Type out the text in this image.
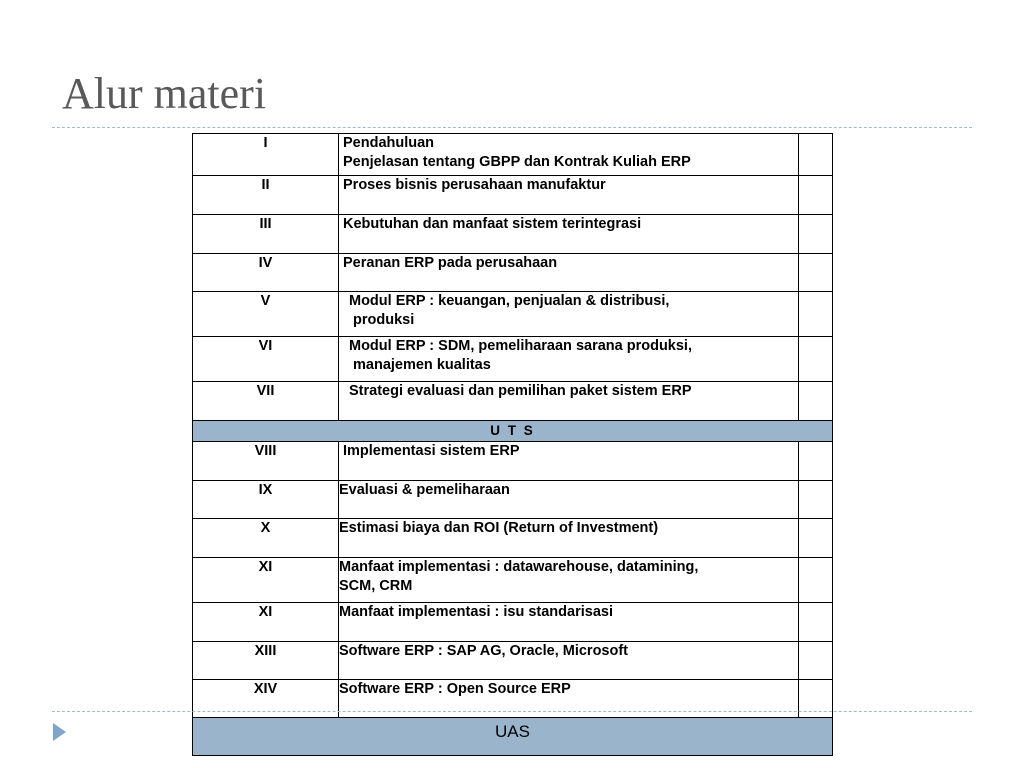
Alur materi
I	Pendahuluan
Penjelasan tentang GBPP dan Kontrak Kuliah ERP	

II	Proses bisnis perusahaan manufaktur	

III	Kebutuhan dan manfaat sistem terintegrasi	

IV	Peranan ERP pada perusahaan	

V	Modul ERP : keuangan, penjualan & distribusi,
produksi	
VI	Modul ERP : SDM, pemeliharaan sarana produksi,
manajemen kualitas	
VII	Strategi evaluasi dan pemilihan paket sistem ERP	

U T S		
VIII	Implementasi sistem ERP	

IX	Evaluasi & pemeliharaan	

X	Estimasi biaya dan ROI (Return of Investment)	

XI	Manfaat implementasi : datawarehouse, datamining,
SCM, CRM	

XI	Manfaat implementasi : isu standarisasi	

XIII	Software ERP : SAP AG, Oracle, Microsoft	

XIV	Software ERP : Open Source ERP	

UAS		
